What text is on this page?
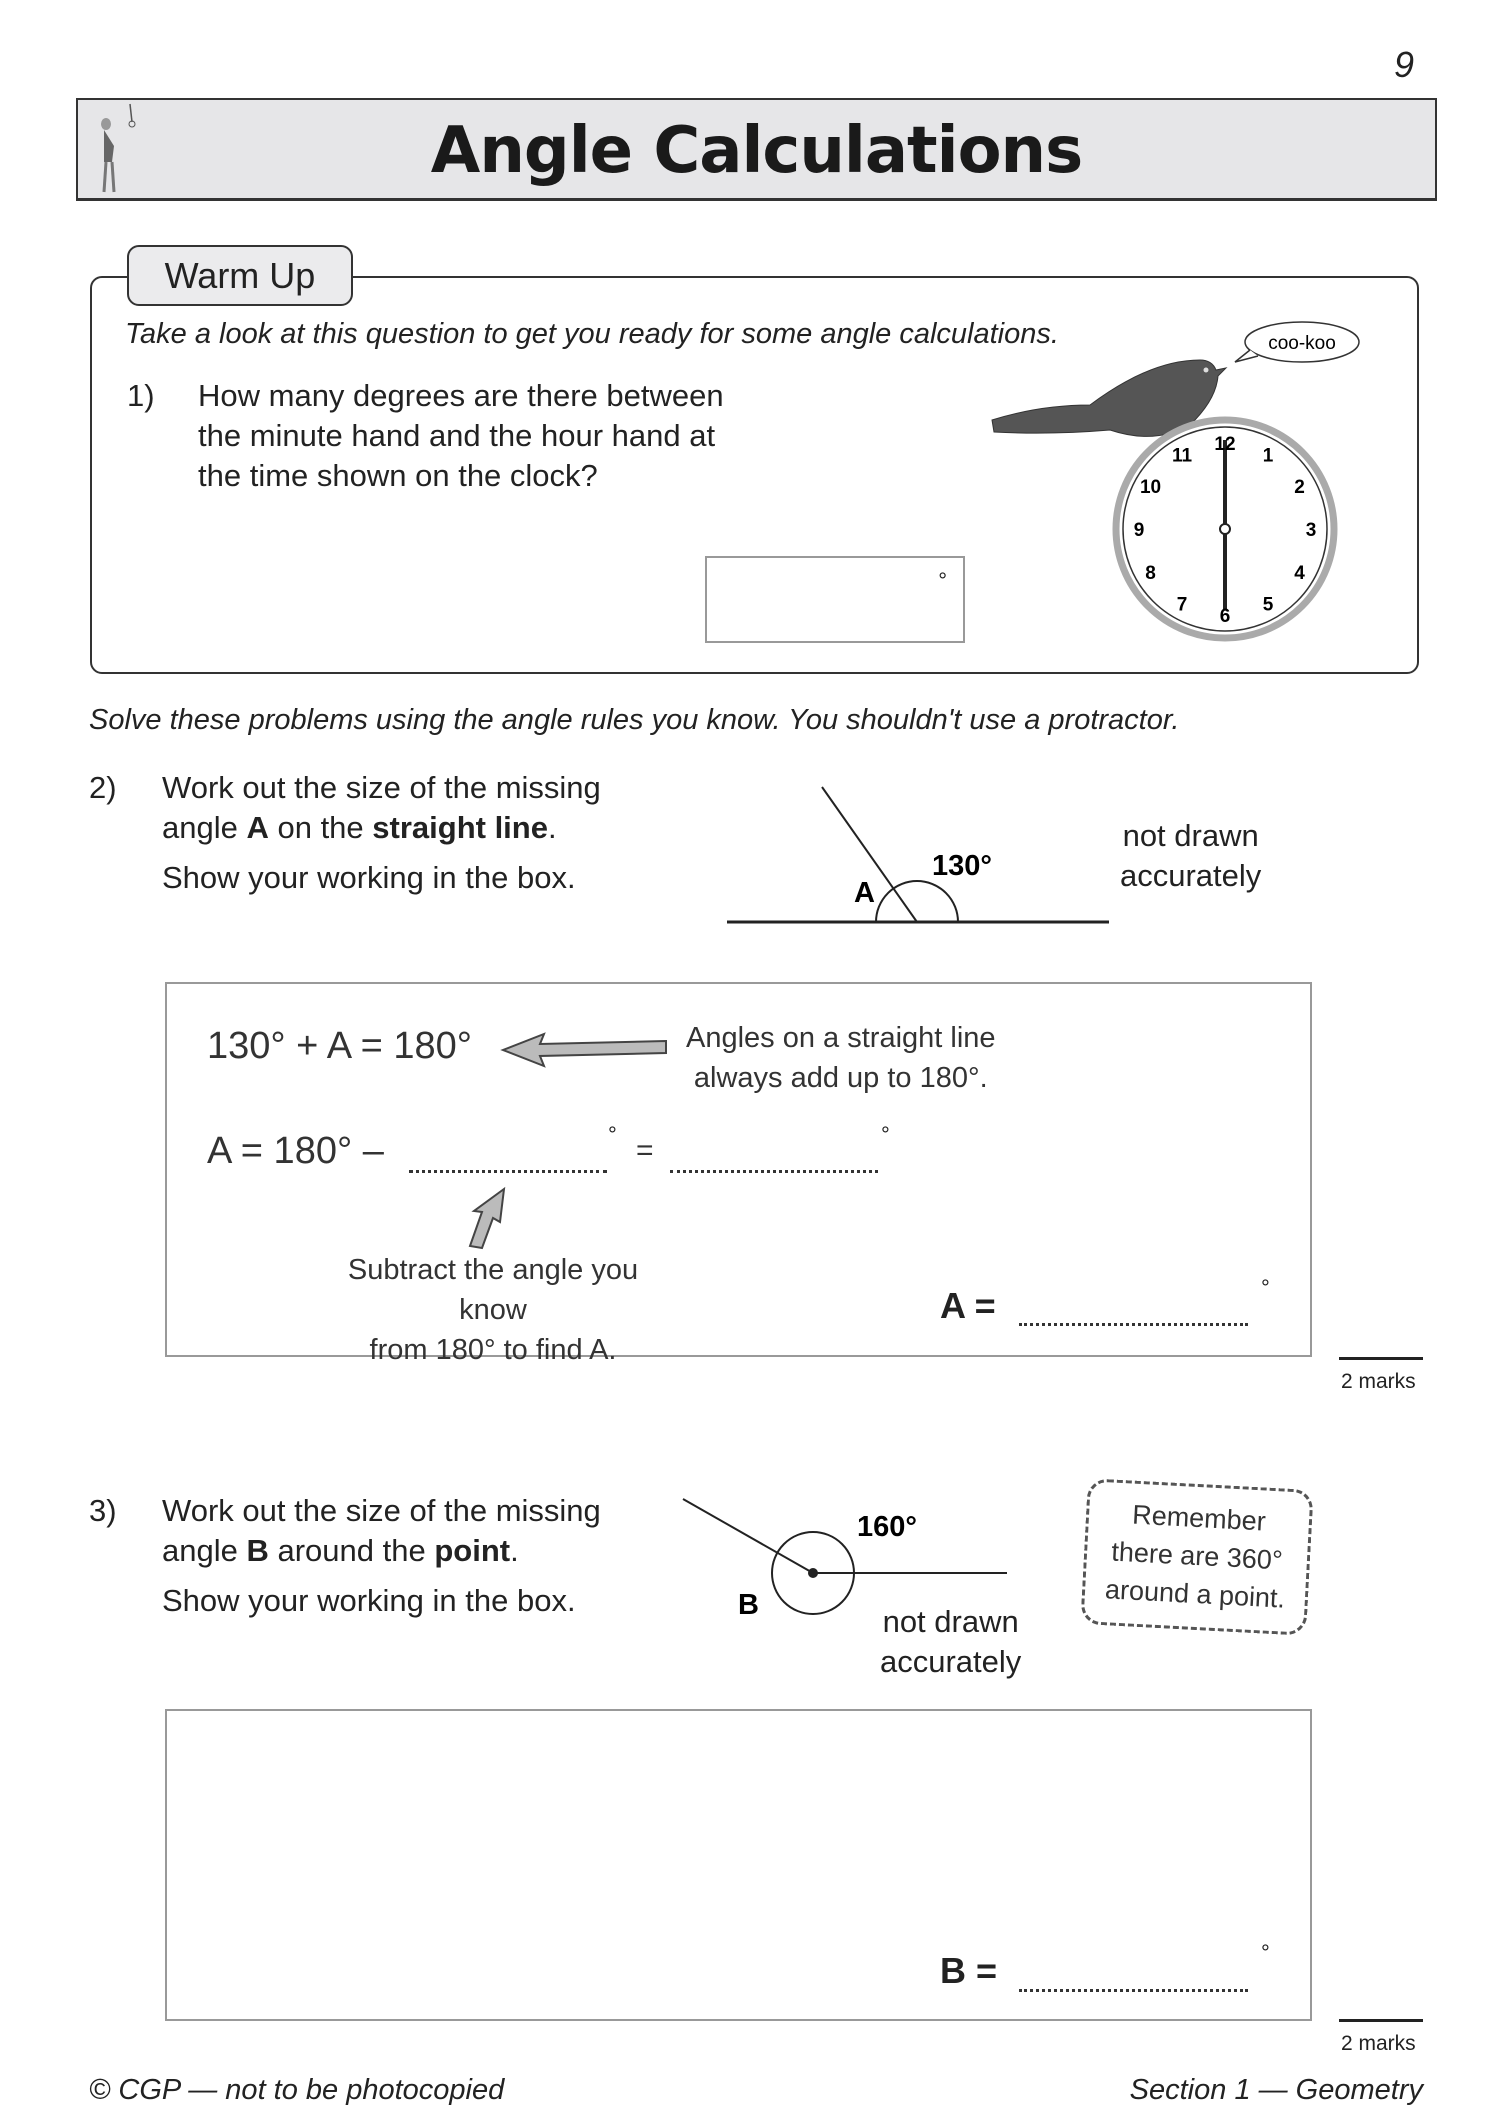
9
Angle Calculations
Warm Up
Take a look at this question to get you ready for some angle calculations.
1) How many degrees are there between
the minute hand and the hour hand at
the time shown on the clock?
°
coo-koo
12
1
2
3
4
5
6
7
8
9
10
11
Solve these problems using the angle rules you know. You shouldn't use a protractor.
2) Work out the size of the missing
angle A on the straight line.
Show your working in the box.	A
130°
not drawn
accurately
130° + A = 180°	Angles on a straight line
always add up to 180°.
A = 180° –	° =	°
Subtract the angle you know
from 180° to find A.
A =	°
2 marks
3) Work out the size of the missing
angle B around the point.
Show your working in the box.
160°
B	not drawn
accurately
Remember
there are 360°
around a point.
B =	°
2 marks
© CGP — not to be photocopied	Section 1 — Geometry
